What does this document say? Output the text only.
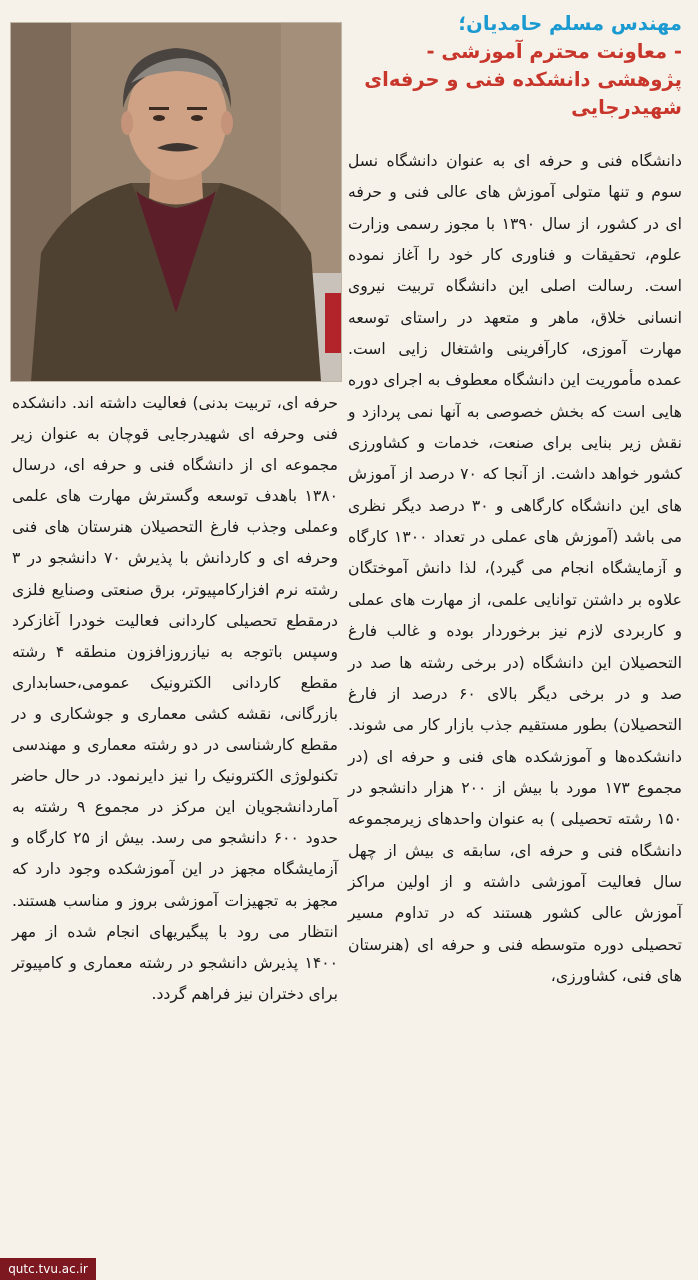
مهندس مسلم حامدیان؛
- معاونت محترم آموزشی -
پژوهشی دانشکده فنی و حرفه‌ای
شهیدرجایی

دانشگاه فنی و حرفه ای به عنوان دانشگاه نسل سوم و تنها متولی آموزش های عالی فنی و حرفه ای در کشور، از سال ۱۳۹۰ با مجوز رسمی وزارت علوم، تحقیقات و فناوری کار خود را آغاز نموده است. رسالت اصلی این دانشگاه تربیت نیروی انسانی خلاق، ماهر و متعهد در راستای توسعه مهارت آموزی، کارآفرینی واشتغال زایی است. عمده مأموریت این دانشگاه معطوف به اجرای دوره هایی است که بخش خصوصی به آنها نمی پردازد و نقش زیر بنایی برای صنعت، خدمات و کشاورزی کشور خواهد داشت. از آنجا که ۷۰ درصد از آموزش های این دانشگاه کارگاهی و ۳۰ درصد دیگر نظری می باشد (آموزش های عملی در تعداد ۱۳۰۰ کارگاه و آزمایشگاه انجام می گیرد)، لذا دانش آموختگان علاوه بر داشتن توانایی علمی، از مهارت های عملی و کاربردی لازم نیز برخوردار بوده و غالب فارغ التحصیلان این دانشگاه (در برخی رشته ها صد در صد و در برخی دیگر بالای ۶۰ درصد از فارغ التحصیلان) بطور مستقیم جذب بازار کار می شوند. دانشکده‌ها و آموزشکده های فنی و حرفه ای (در مجموع ۱۷۳ مورد با بیش از ۲۰۰ هزار دانشجو در ۱۵۰ رشته تحصیلی ) به عنوان واحدهای زیرمجموعه دانشگاه فنی و حرفه ای، سابقه ی بیش از چهل سال فعالیت آموزشی داشته و از اولین مراکز آموزش عالی کشور هستند که در تداوم مسیر تحصیلی دوره متوسطه فنی و حرفه ای (هنرستان های فنی، کشاورزی،

حرفه ای، تربیت بدنی) فعالیت داشته اند. دانشکده فنی وحرفه ای شهیدرجایی قوچان به عنوان زیر مجموعه ای از دانشگاه فنی و حرفه ای، درسال ۱۳۸۰ باهدف توسعه وگسترش مهارت های علمی وعملی وجذب فارغ التحصیلان هنرستان های فنی وحرفه ای و کاردانش با پذیرش ۷۰ دانشجو در ۳ رشته نرم افزارکامپیوتر، برق صنعتی وصنایع فلزی درمقطع تحصیلی کاردانی فعالیت خودرا آغازکرد وسپس باتوجه به نیازروزافزون منطقه ۴ رشته مقطع کاردانی الکترونیک عمومی،حسابداری بازرگانی، نقشه کشی معماری و جوشکاری و در مقطع کارشناسی در دو رشته معماری و مهندسی تکنولوژی الکترونیک را نیز دایرنمود. در حال حاضر آماردانشجویان این مرکز در مجموع ۹ رشته به حدود ۶۰۰ دانشجو می رسد. بیش از ۲۵ کارگاه و آزمایشگاه مجهز در این آموزشکده وجود دارد که مجهز به تجهیزات آموزشی بروز و مناسب هستند. انتظار می رود با پیگیریهای انجام شده از مهر ۱۴۰۰ پذیرش دانشجو در رشته معماری و کامپیوتر برای دختران نیز فراهم گردد.

qutc.tvu.ac.ir
